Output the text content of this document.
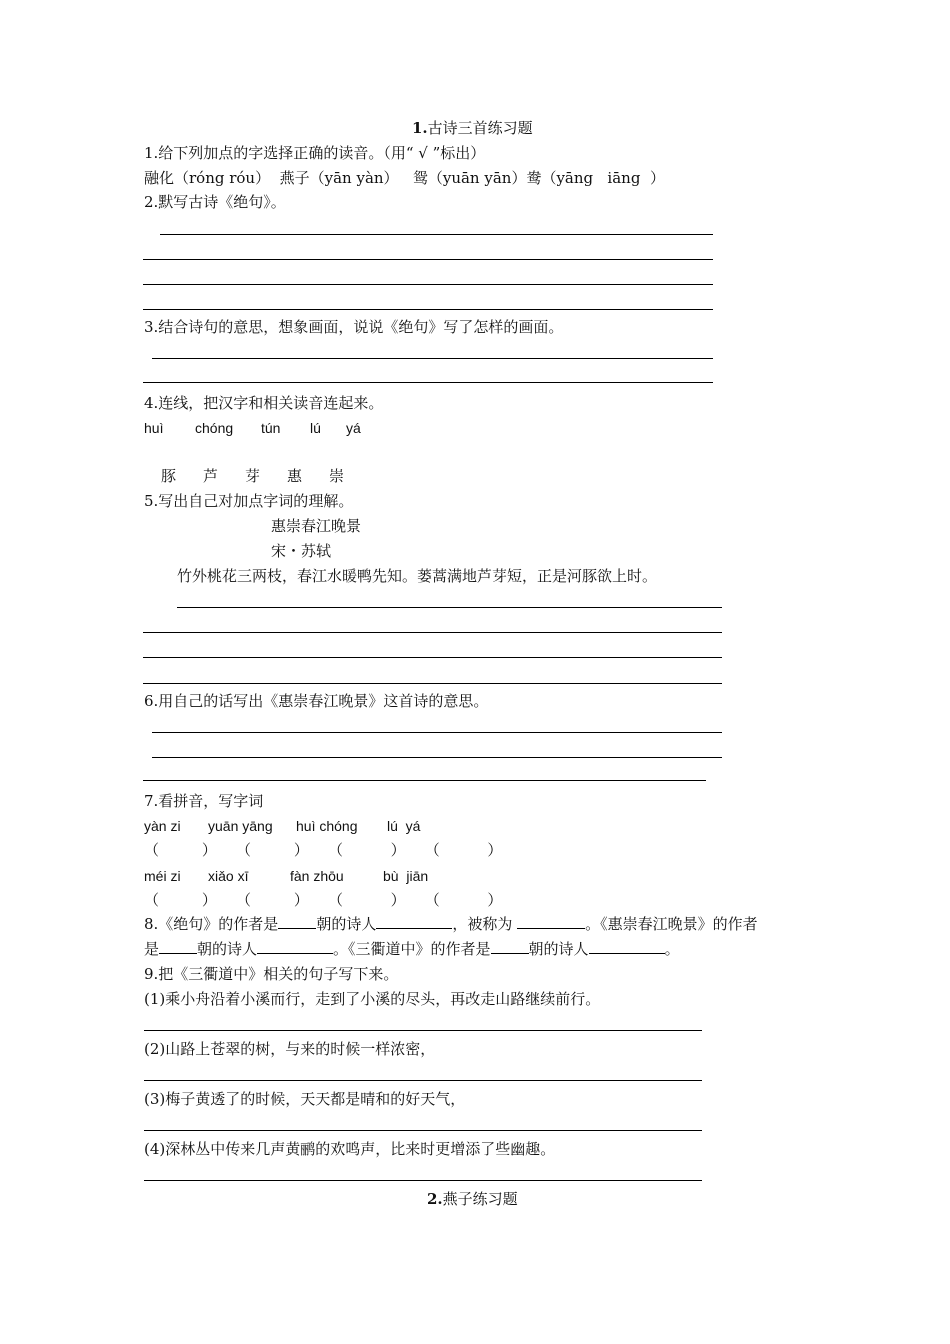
1.古诗三首练习题
1.给下列加点的字选择正确的读音。（用“ √ ”标出）
融化（róng róu）  燕子（yān yàn）   鸳（yuān yān）鸯（yāng   iāng  ）
2.默写古诗《绝句》。
3.结合诗句的意思，想象画面，说说《绝句》写了怎样的画面。
4.连线，把汉字和相关读音连起来。
huì chóng tún lú yá
豚 芦 芽 惠 崇
5.写出自己对加点字词的理解。
惠崇春江晚景
宋・苏轼
竹外桃花三两枝，春江水暖鸭先知。蒌蒿满地芦芽短，正是河豚欲上时。
6.用自己的话写出《惠崇春江晚景》这首诗的意思。
7.看拼音，写字词
yàn zi yuān yāng huì chóng lú  yá
（         ）    （         ）    （          ）    （          ）
méi zi xiǎo xī	fàn zhōu	bù  jiān
（         ）    （         ）    （          ）    （          ）
8.《绝句》的作者是	朝的诗人	，被称为	。《惠崇春江晚景》的作者
是	朝的诗人	。《三衢道中》的作者是	朝的诗人	。
9.把《三衢道中》相关的句子写下来。
(1)乘小舟沿着小溪而行，走到了小溪的尽头，再改走山路继续前行。
(2)山路上苍翠的树，与来的时候一样浓密，
(3)梅子黄透了的时候，天天都是晴和的好天气，
(4)深林丛中传来几声黄鹂的欢鸣声，比来时更增添了些幽趣。
2.燕子练习题
